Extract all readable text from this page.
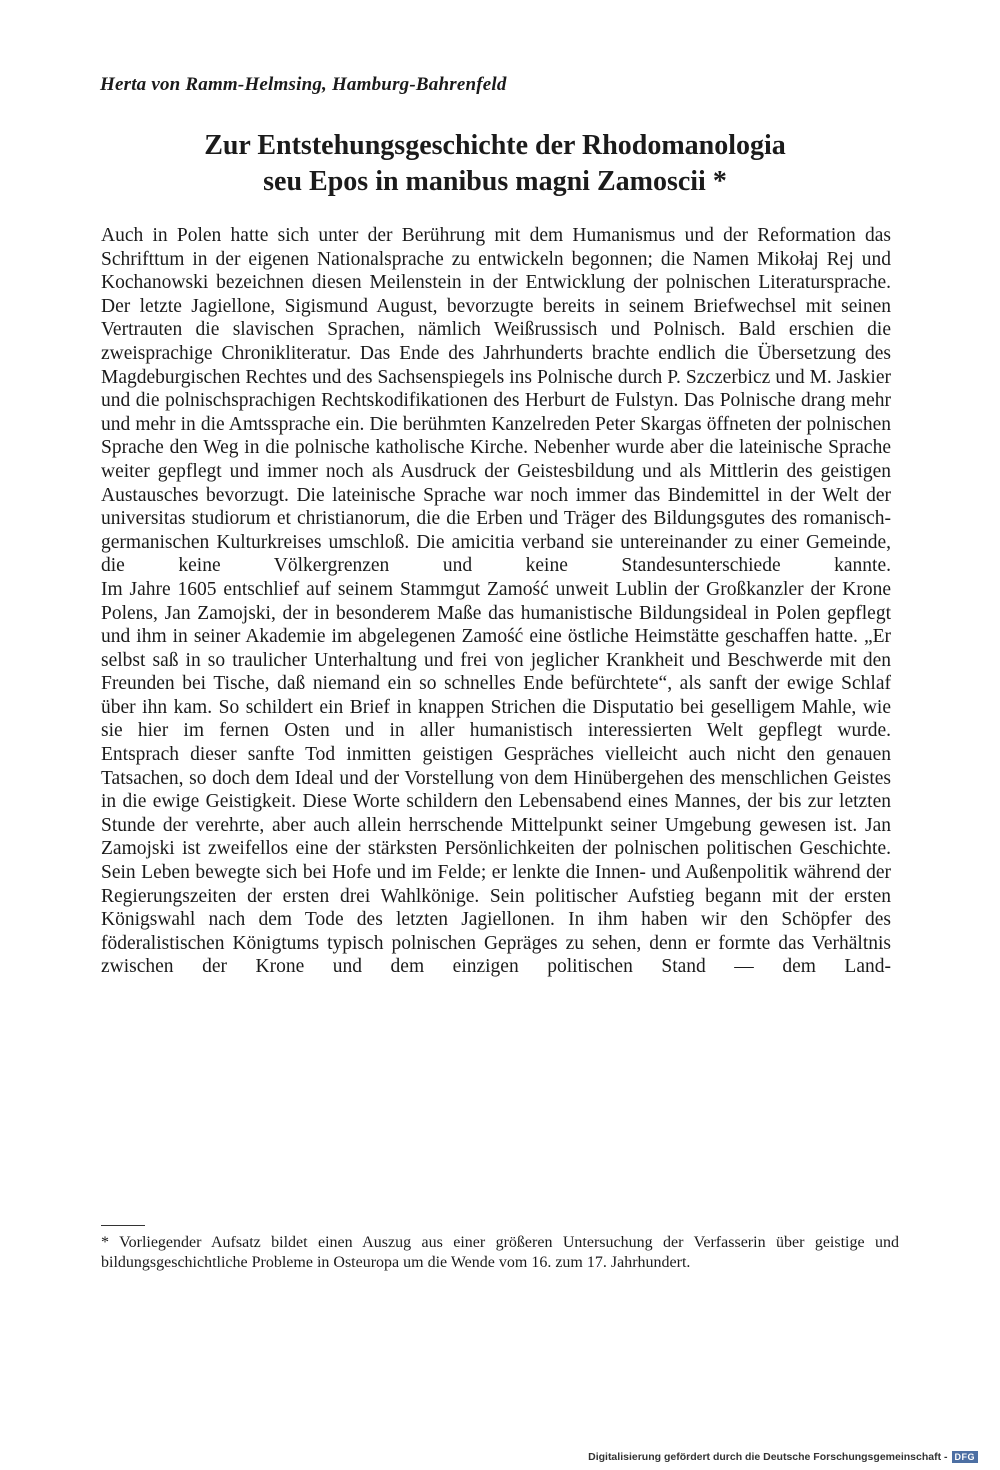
Herta von Ramm-Helmsing, Hamburg-Bahrenfeld
Zur Entstehungsgeschichte der Rhodomanologia
seu Epos in manibus magni Zamoscii *

Auch in Polen hatte sich unter der Berührung mit dem Humanismus und der Reformation das Schrifttum in der eigenen Nationalsprache zu entwickeln begonnen; die Namen Mikołaj Rej und Kochanowski bezeichnen diesen Meilenstein in der Entwicklung der polnischen Literatursprache. Der letzte Jagiellone, Sigismund August, bevorzugte bereits in seinem Briefwechsel mit seinen Vertrauten die slavischen Sprachen, nämlich Weißrussisch und Polnisch. Bald erschien die zweisprachige Chronikliteratur. Das Ende des Jahrhunderts brachte endlich die Übersetzung des Magdeburgischen Rechtes und des Sachsenspiegels ins Polnische durch P. Szczerbicz und M. Jaskier und die polnischsprachigen Rechtskodifikationen des Herburt de Fulstyn. Das Polnische drang mehr und mehr in die Amtssprache ein. Die berühmten Kanzelreden Peter Skargas öffneten der polnischen Sprache den Weg in die polnische katholische Kirche. Nebenher wurde aber die lateinische Sprache weiter gepflegt und immer noch als Ausdruck der Geistesbildung und als Mittlerin des geistigen Austausches bevorzugt. Die lateinische Sprache war noch immer das Bindemittel in der Welt der universitas studiorum et christianorum, die die Erben und Träger des Bildungsgutes des romanisch-germanischen Kulturkreises umschloß. Die amicitia verband sie untereinander zu einer Gemeinde, die keine Völkergrenzen und keine Standesunterschiede kannte.

Im Jahre 1605 entschlief auf seinem Stammgut Zamość unweit Lublin der Großkanzler der Krone Polens, Jan Zamojski, der in besonderem Maße das humanistische Bildungsideal in Polen gepflegt und ihm in seiner Akademie im abgelegenen Zamość eine östliche Heimstätte geschaffen hatte. „Er selbst saß in so traulicher Unterhaltung und frei von jeglicher Krankheit und Beschwerde mit den Freunden bei Tische, daß niemand ein so schnelles Ende befürchtete“, als sanft der ewige Schlaf über ihn kam. So schildert ein Brief in knappen Strichen die Disputatio bei geselligem Mahle, wie sie hier im fernen Osten und in aller humanistisch interessierten Welt gepflegt wurde.

Entsprach dieser sanfte Tod inmitten geistigen Gespräches vielleicht auch nicht den genauen Tatsachen, so doch dem Ideal und der Vorstellung von dem Hinübergehen des menschlichen Geistes in die ewige Geistigkeit. Diese Worte schildern den Lebensabend eines Mannes, der bis zur letzten Stunde der verehrte, aber auch allein herrschende Mittelpunkt seiner Umgebung gewesen ist. Jan Zamojski ist zweifellos eine der stärksten Persönlichkeiten der polnischen politischen Geschichte. Sein Leben bewegte sich bei Hofe und im Felde; er lenkte die Innen- und Außenpolitik während der Regierungszeiten der ersten drei Wahlkönige. Sein politischer Aufstieg begann mit der ersten Königswahl nach dem Tode des letzten Jagiellonen. In ihm haben wir den Schöpfer des föderalistischen Königtums typisch polnischen Gepräges zu sehen, denn er formte das Verhältnis zwischen der Krone und dem einzigen politischen Stand — dem Land-

* Vorliegender Aufsatz bildet einen Auszug aus einer größeren Untersuchung der Verfasserin über geistige und bildungsgeschichtliche Probleme in Osteuropa um die Wende vom 16. zum 17. Jahrhundert.
Digitalisierung gefördert durch die Deutsche Forschungsgemeinschaft - DFG
